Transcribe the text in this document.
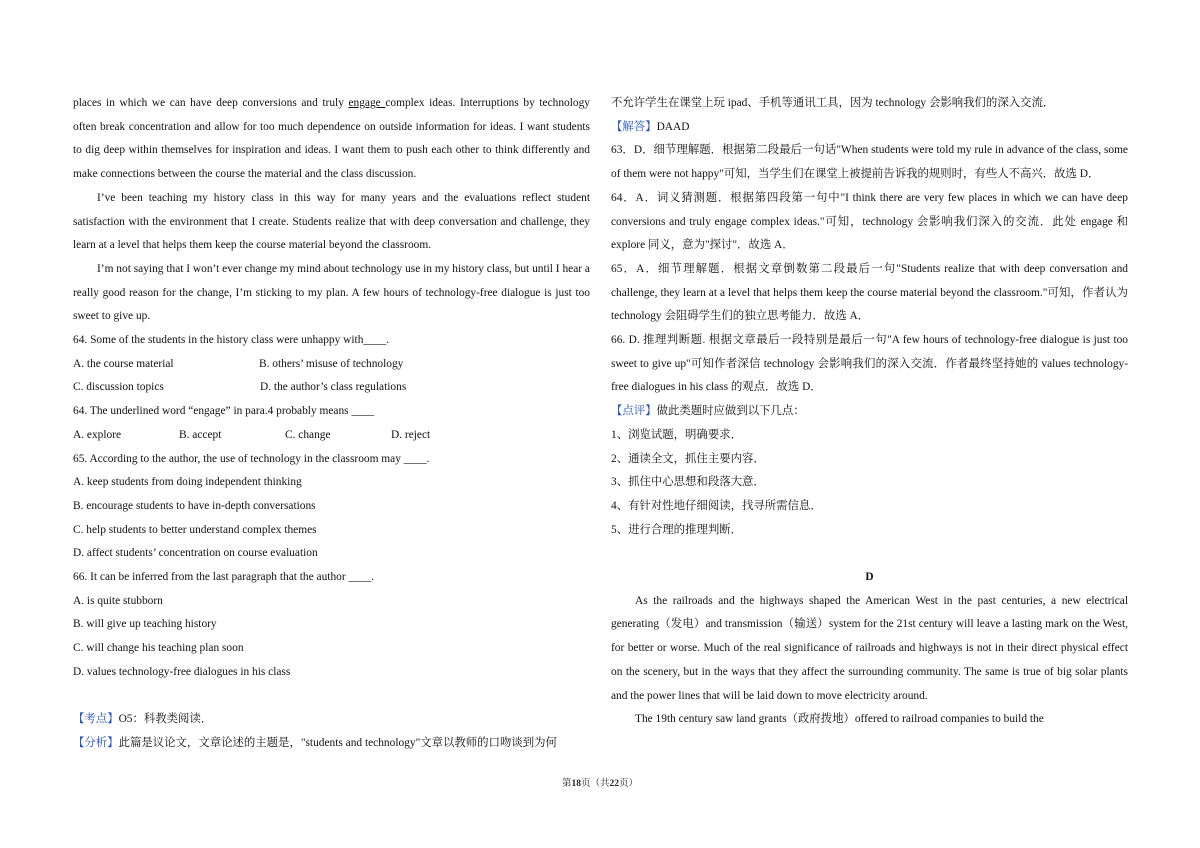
places in which we can have deep conversions and truly engage complex ideas. Interruptions by technology often break concentration and allow for too much dependence on outside information for ideas. I want students to dig deep within themselves for inspiration and ideas. I want them to push each other to think differently and make connections between the course the material and the class discussion.

I’ve been teaching my history class in this way for many years and the evaluations reflect student satisfaction with the environment that I create. Students realize that with deep conversation and challenge, they learn at a level that helps them keep the course material beyond the classroom.

I’m not saying that I won’t ever change my mind about technology use in my history class, but until I hear a really good reason for the change, I’m sticking to my plan. A few hours of technology-free dialogue is just too sweet to give up.

64. Some of the students in the history class were unhappy with____.

A. the course material	B. others’ misuse of technology
C. discussion topics	D. the author’s class regulations

64. The underlined word “engage” in para.4 probably means ____

A. explore	B. accept	C. change	D. reject

65. According to the author, the use of technology in the classroom may ____.

A. keep students from doing independent thinking

B. encourage students to have in-depth conversations

C. help students to better understand complex themes

D. affect students’ concentration on course evaluation

66. It can be inferred from the last paragraph that the author ____.

A. is quite stubborn

B. will give up teaching history

C. will change his teaching plan soon

D. values technology-free dialogues in his class

【考点】O5：科教类阅读．

【分析】此篇是议论文，文章论述的主题是，"students and technology"文章以教师的口吻谈到为何

不允许学生在课堂上玩 ipad、手机等通讯工具，因为 technology 会影响我们的深入交流．

【解答】DAAD

63．D．细节理解题．根据第二段最后一句话"When students were told my rule in advance of the class, some of them were not happy"可知，当学生们在课堂上被提前告诉我的规则时，有些人不高兴．故选 D．

64．A．词义猜测题．根据第四段第一句中"I think there are very few places in which we can have deep conversions and truly engage complex ideas."可知，technology 会影响我们深入的交流．此处 engage 和 explore 同义，意为"探讨"．故选 A．

65．A．细节理解题．根据文章倒数第二段最后一句"Students realize that with deep conversation and challenge, they learn at a level that helps them keep the course material beyond the classroom."可知，作者认为 technology 会阻碍学生们的独立思考能力．故选 A．

66. D. 推理判断题. 根据文章最后一段特别是最后一句"A few hours of technology-free dialogue is just too sweet to give up"可知作者深信 technology 会影响我们的深入交流．作者最终坚持她的 values technology-free dialogues in his class 的观点．故选 D．

【点评】做此类题时应做到以下几点：

1、浏览试题，明确要求．

2、通读全文，抓住主要内容．

3、抓住中心思想和段落大意．

4、有针对性地仔细阅读，找寻所需信息．

5、进行合理的推理判断．

D

As the railroads and the highways shaped the American West in the past centuries, a new electrical generating（发电）and transmission（输送）system for the 21st century will leave a lasting mark on the West, for better or worse. Much of the real significance of railroads and highways is not in their direct physical effect on the scenery, but in the ways that they affect the surrounding community. The same is true of big solar plants and the power lines that will be laid down to move electricity around.

The 19th century saw land grants（政府拨地）offered to railroad companies to build the

第18页（共22页）
